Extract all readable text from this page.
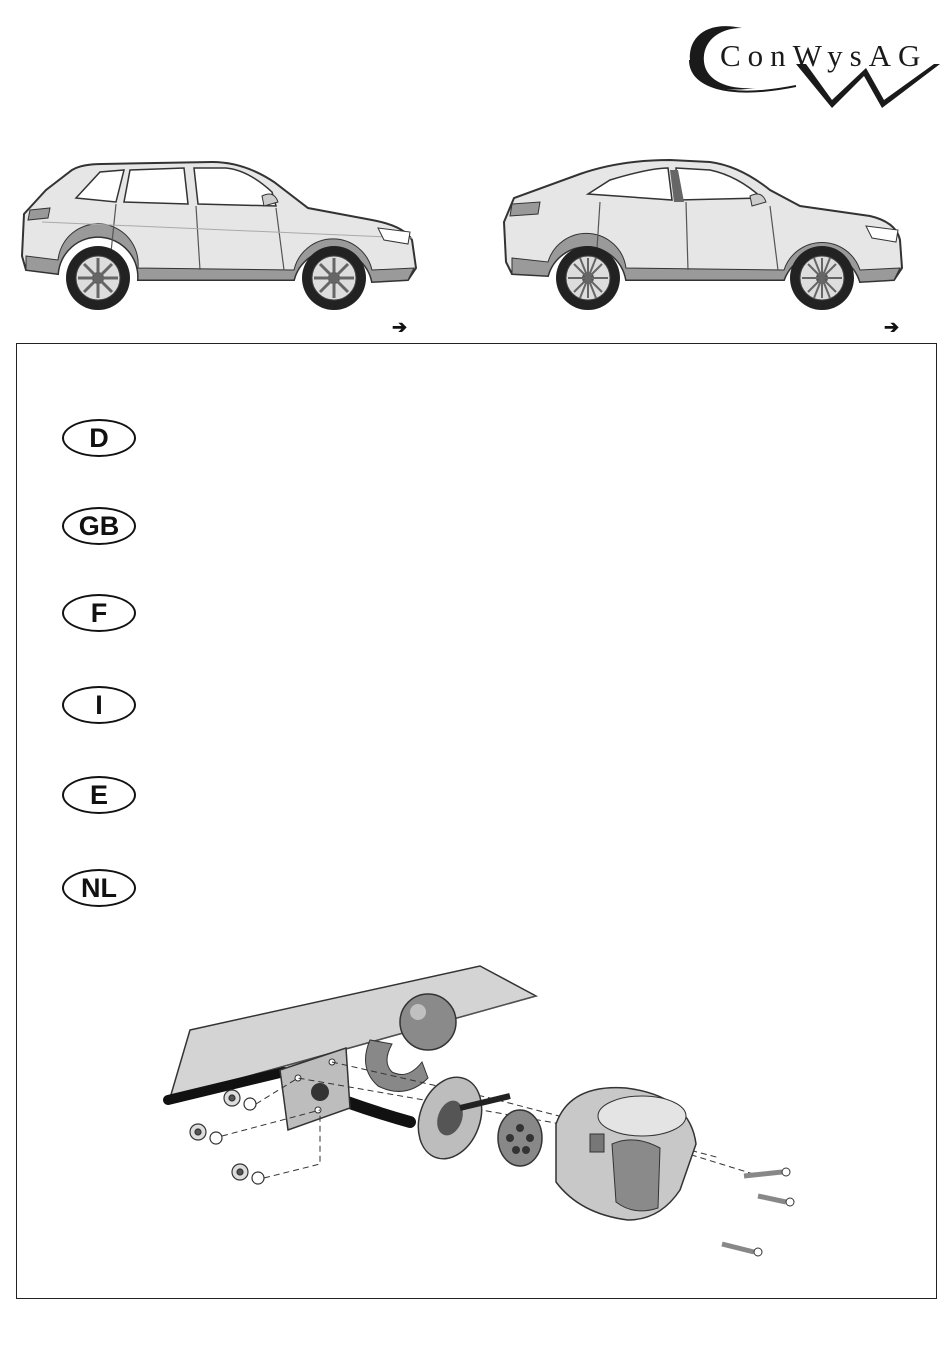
ConWysAG
➔	➔
D
GB
F
I
E
NL
